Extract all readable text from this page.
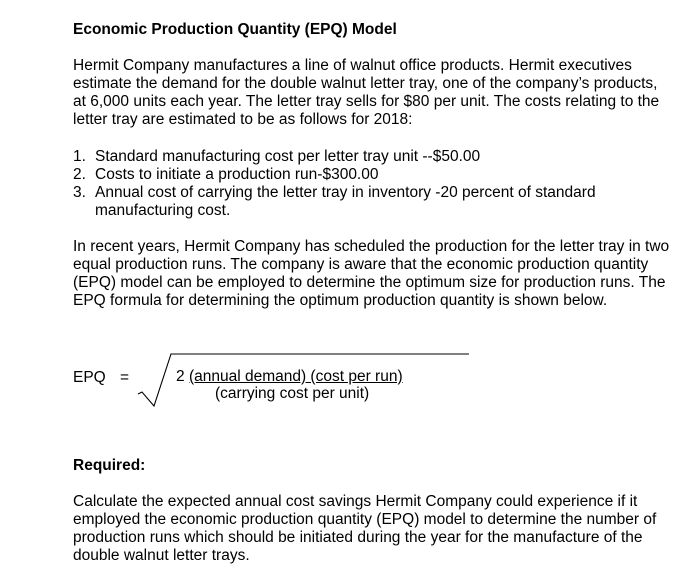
Economic Production Quantity (EPQ) Model

Hermit Company manufactures a line of walnut office products. Hermit executives estimate the demand for the double walnut letter tray, one of the company’s products, at 6,000 units each year. The letter tray sells for $80 per unit. The costs relating to the letter tray are estimated to be as follows for 2018:

1. Standard manufacturing cost per letter tray unit --$50.00
2. Costs to initiate a production run-$300.00
3. Annual cost of carrying the letter tray in inventory -20 percent of standard manufacturing cost.

In recent years, Hermit Company has scheduled the production for the letter tray in two equal production runs. The company is aware that the economic production quantity (EPQ) model can be employed to determine the optimum size for production runs. The EPQ formula for determining the optimum production quantity is shown below.

EPQ =	2 (annual demand) (cost per run)
(carrying cost per unit)
Required:

Calculate the expected annual cost savings Hermit Company could experience if it employed the economic production quantity (EPQ) model to determine the number of production runs which should be initiated during the year for the manufacture of the double walnut letter trays.
